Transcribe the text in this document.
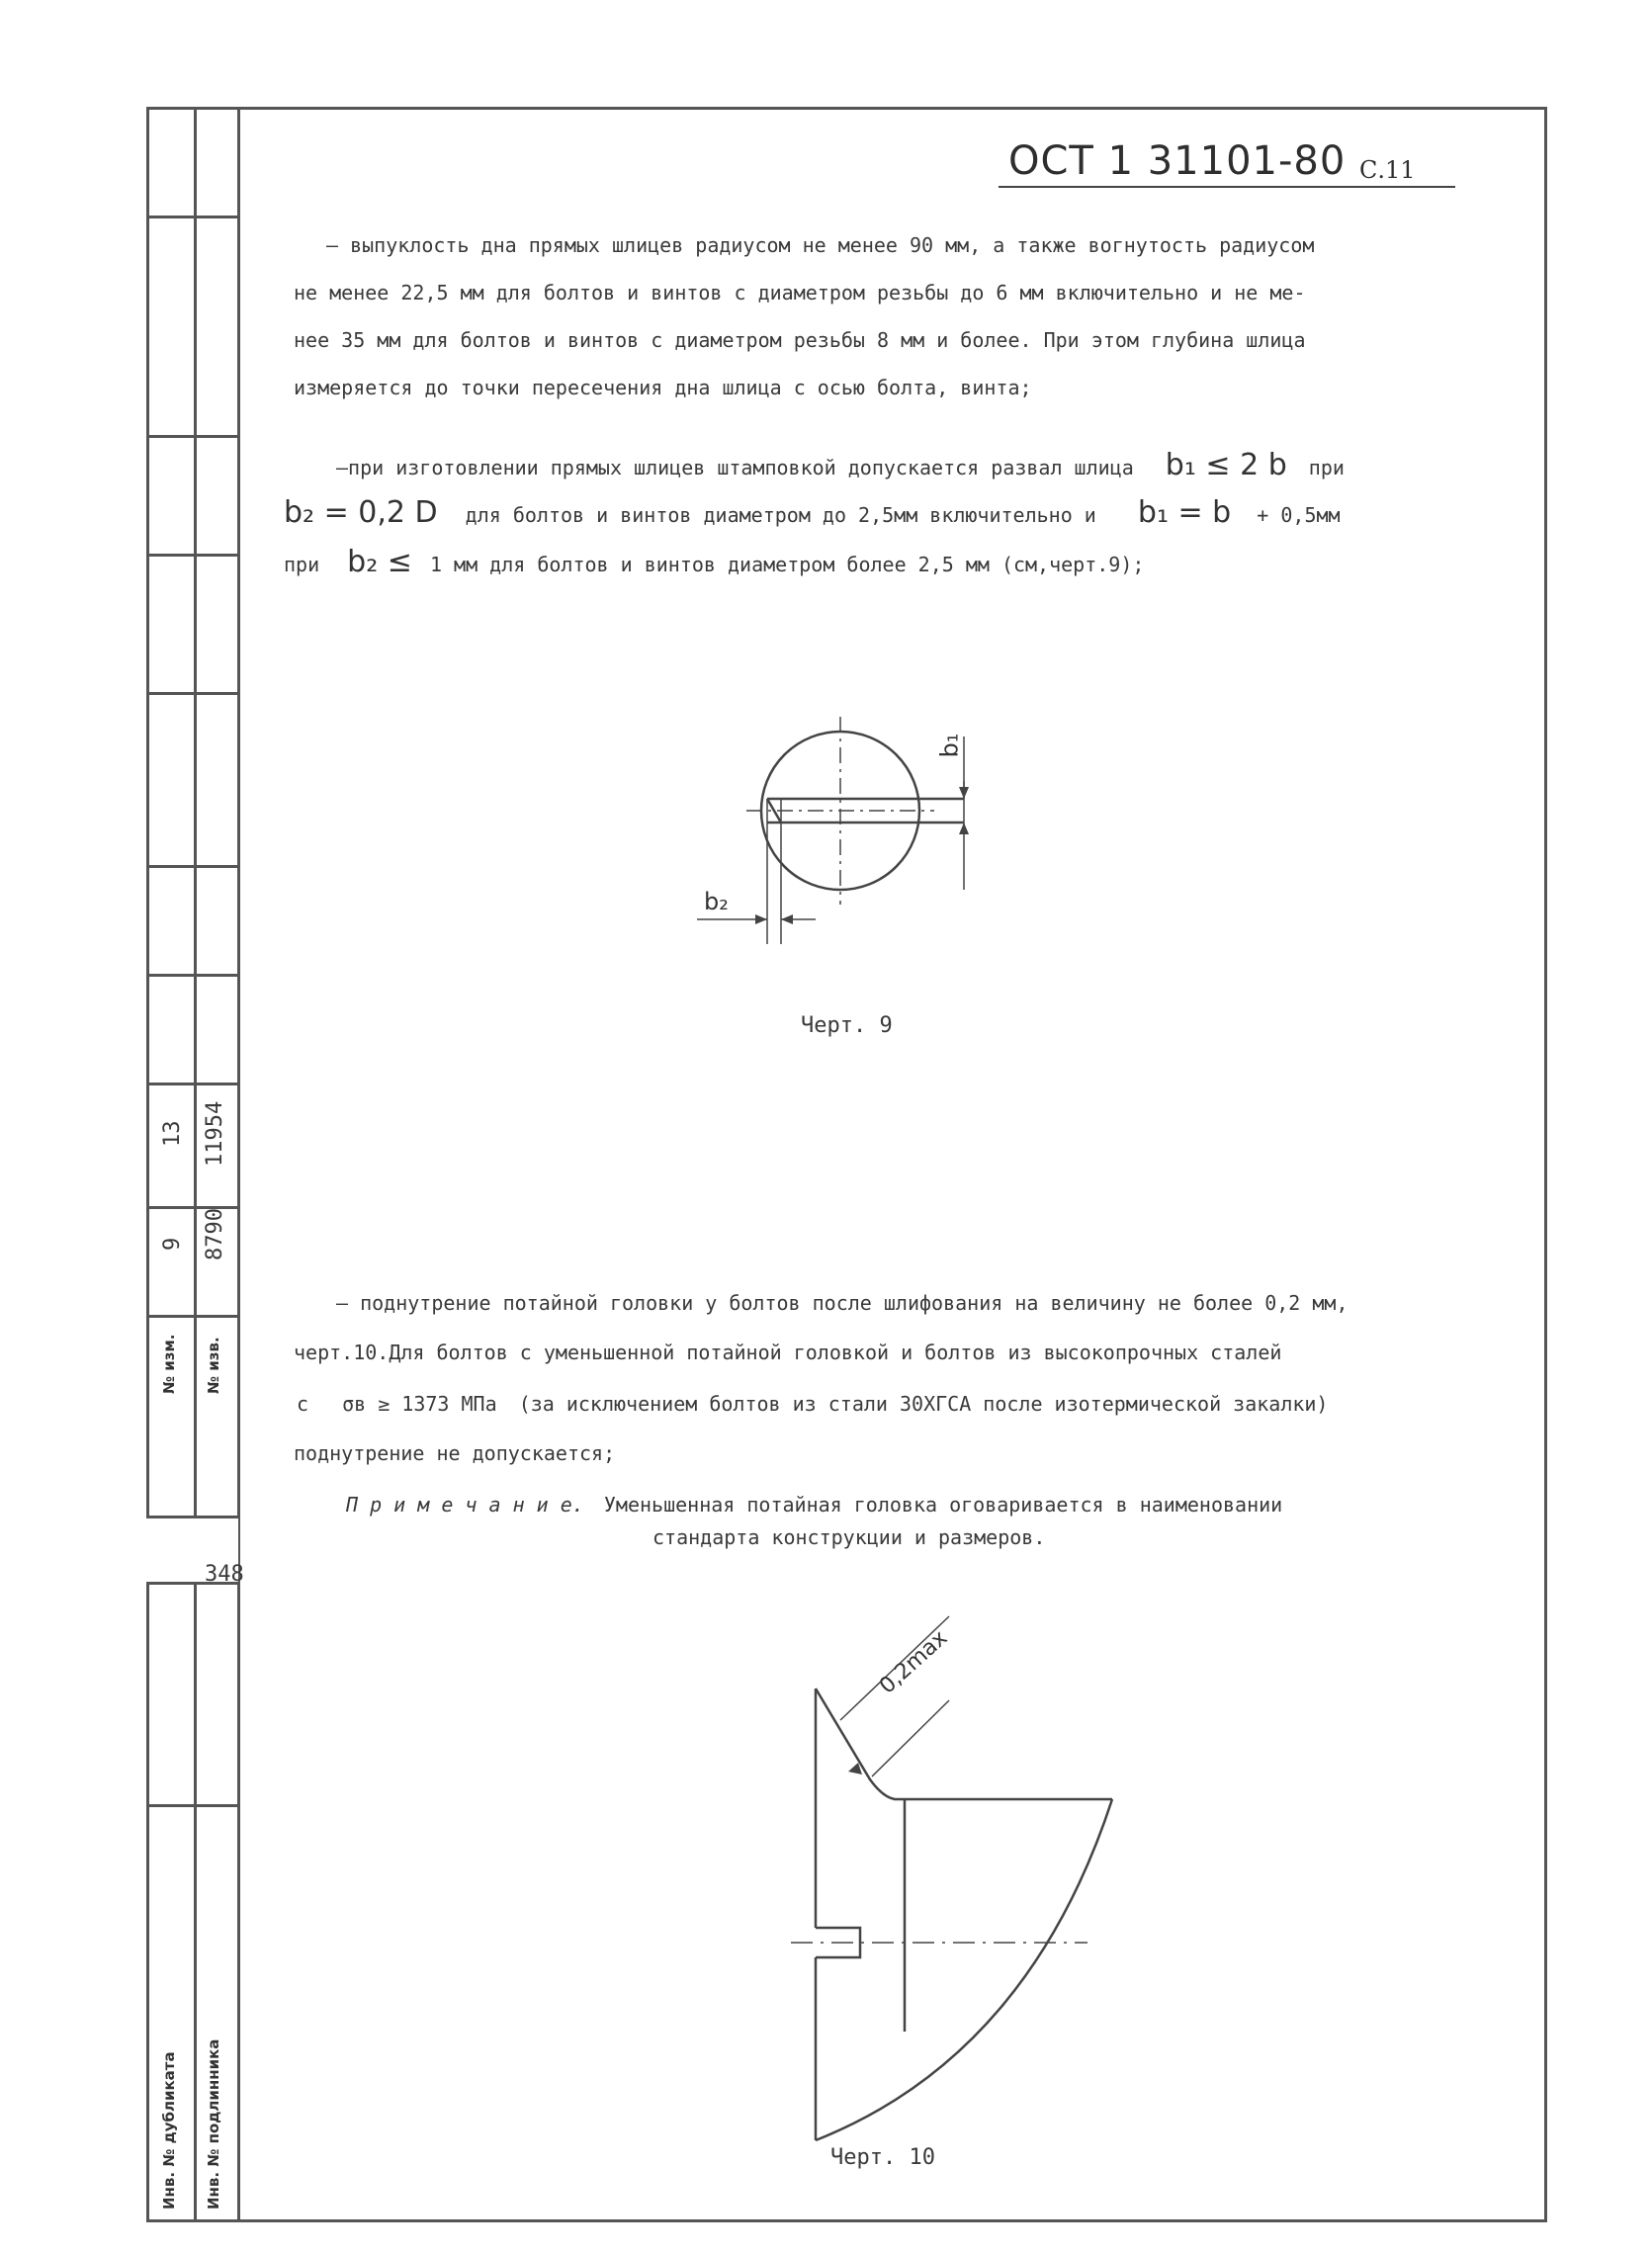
№ изм. № изв.
9
13
8790
11954
348
Инв. № дубликата Инв. № подлинника
ОСТ 1 31101-80 С.11
– выпуклость дна прямых шлицев радиусом не менее 90 мм, а также вогнутость радиусом
не менее 22,5 мм для болтов и винтов с диаметром резьбы до 6 мм включительно и не ме-
нее 35 мм для болтов и винтов с диаметром резьбы 8 мм и более. При этом глубина шлица
измеряется до точки пересечения дна шлица с осью болта, винта;
–при изготовлении прямых шлицев штамповкой допускается развал шлица b₁ ≤ 2 b при
b₂ = 0,2 D для болтов и винтов диаметром до 2,5мм включительно и b₁ = b + 0,5мм
при b₂ ≤ 1 мм для болтов и винтов диаметром более 2,5 мм (см,черт.9);
b₁
b₂
Черт. 9
– поднутрение потайной головки у болтов после шлифования на величину не более 0,2 мм,
черт.10.Для болтов с уменьшенной потайной головкой и болтов из высокопрочных сталей
с σв ≥ 1373 МПа (за исключением болтов из стали 30ХГСА после изотермической закалки)
поднутрение не допускается;
П р и м е ч а н и е. Уменьшенная потайная головка оговаривается в наименовании
стандарта конструкции и размеров.
0,2max
Черт. 10
